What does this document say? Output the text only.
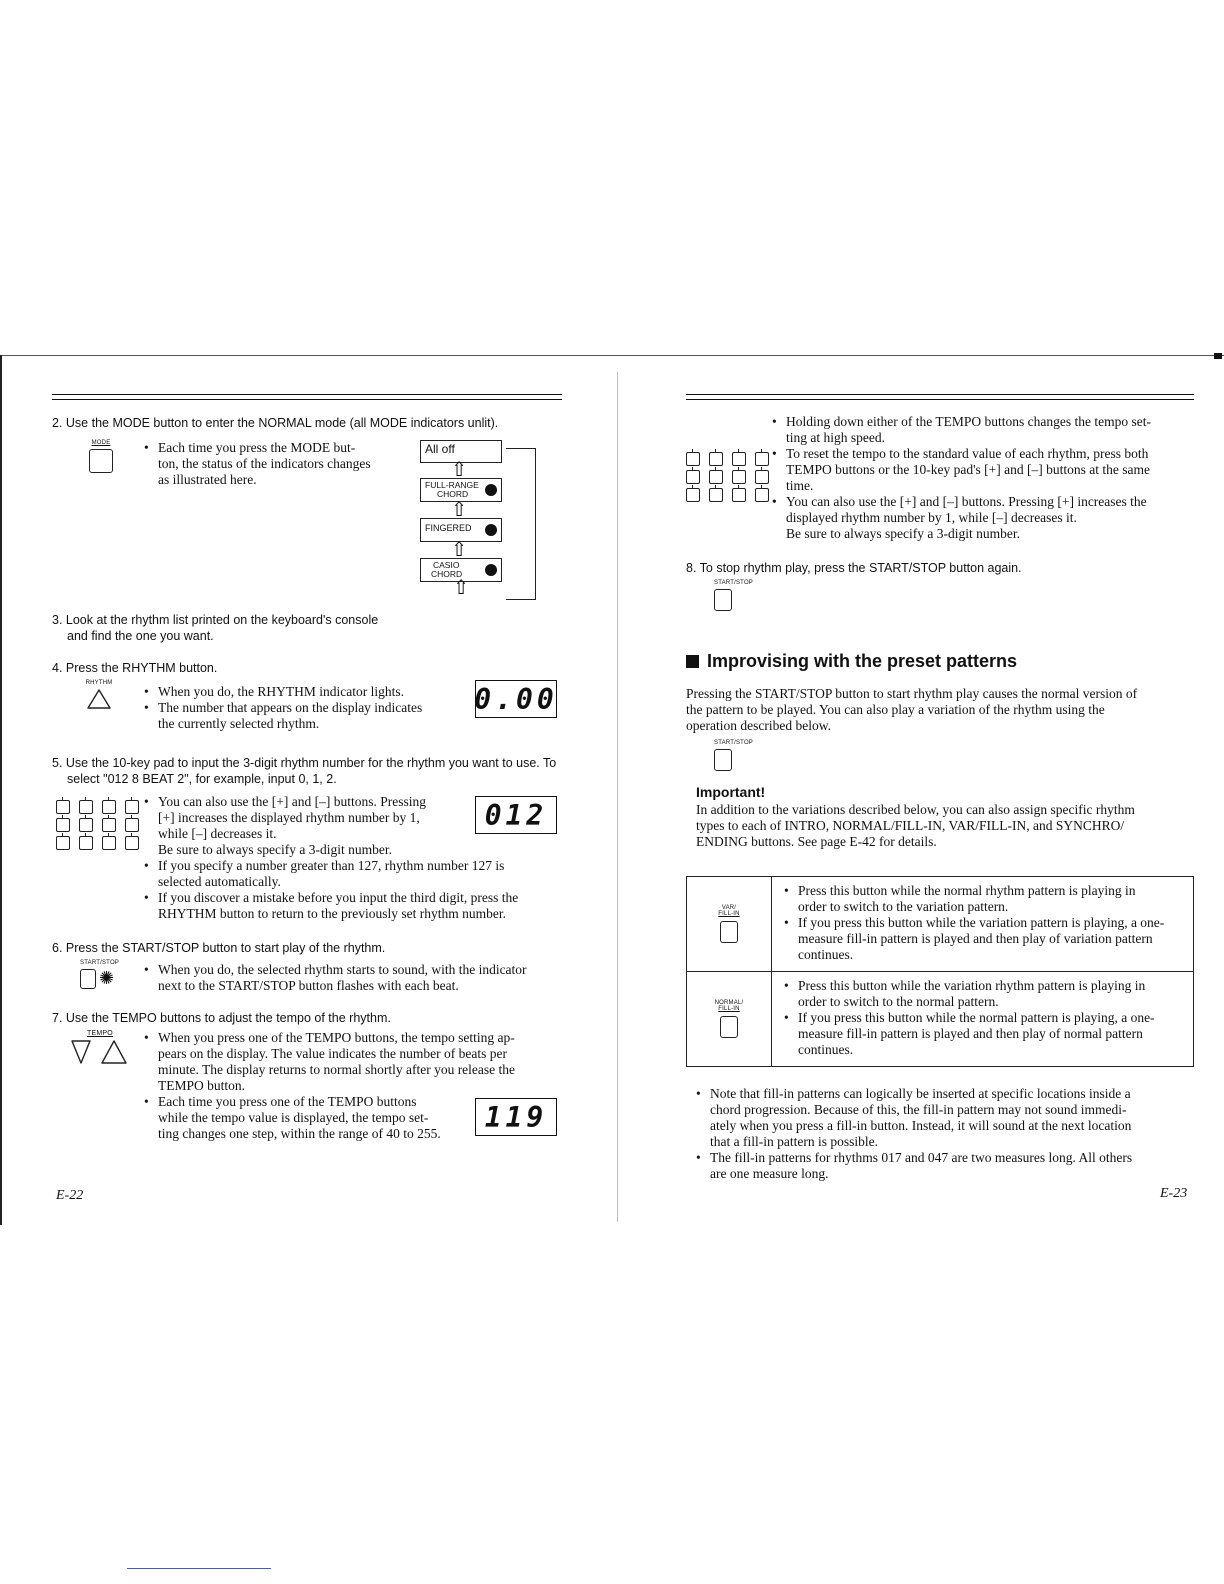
2. Use the MODE button to enter the NORMAL mode (all MODE indicators unlit).
MODE	• Each time you press the MODE but-
ton, the status of the indicators changes
as illustrated here.
All off
⇧
FULL-RANGE
CHORD
⇧
FINGERED
⇧
CASIO
CHORD
⇧
3. Look at the rhythm list printed on the keyboard's console
and find the one you want.
4. Press the RHYTHM button.
RHYTHM
• When you do, the RHYTHM indicator lights.
• The number that appears on the display indicates
the currently selected rhythm.
0.00
5. Use the 10-key pad to input the 3-digit rhythm number for the rhythm you want to use. To
select "012 8 BEAT 2", for example, input 0, 1, 2.
• You can also use the [+] and [–] buttons. Pressing
[+] increases the displayed rhythm number by 1,
while [–] decreases it.
Be sure to always specify a 3-digit number.
• If you specify a number greater than 127, rhythm number 127 is
selected automatically.
• If you discover a mistake before you input the third digit, press the
RHYTHM button to return to the previously set rhythm number.
012
6. Press the START/STOP button to start play of the rhythm.
START/STOP
✺	• When you do, the selected rhythm starts to sound, with the indicator
next to the START/STOP button flashes with each beat.
7. Use the TEMPO buttons to adjust the tempo of the rhythm.
TEMPO	• When you press one of the TEMPO buttons, the tempo setting ap-
pears on the display. The value indicates the number of beats per
minute. The display returns to normal shortly after you release the
TEMPO button.
• Each time you press one of the TEMPO buttons
while the tempo value is displayed, the tempo set-
ting changes one step, within the range of 40 to 255.	119
E-22
• Holding down either of the TEMPO buttons changes the tempo set-
ting at high speed.
• To reset the tempo to the standard value of each rhythm, press both
TEMPO buttons or the 10-key pad's [+] and [–] buttons at the same
time.
• You can also use the [+] and [–] buttons. Pressing [+] increases the
displayed rhythm number by 1, while [–] decreases it.
Be sure to always specify a 3-digit number.
8. To stop rhythm play, press the START/STOP button again.
START/STOP
Improvising with the preset patterns
Pressing the START/STOP button to start rhythm play causes the normal version of
the pattern to be played. You can also play a variation of the rhythm using the
operation described below.
START/STOP
Important!
In addition to the variations described below, you can also assign specific rhythm
types to each of INTRO, NORMAL/FILL-IN, VAR/FILL-IN, and SYNCHRO/
ENDING buttons. See page E-42 for details.
VAR/
FILL-IN
• Press this button while the normal rhythm pattern is playing in
order to switch to the variation pattern.
• If you press this button while the variation pattern is playing, a one-
measure fill-in pattern is played and then play of variation pattern
continues.
NORMAL/
FILL-IN
• Press this button while the variation rhythm pattern is playing in
order to switch to the normal pattern.
• If you press this button while the normal pattern is playing, a one-
measure fill-in pattern is played and then play of normal pattern
continues.
• Note that fill-in patterns can logically be inserted at specific locations inside a
chord progression. Because of this, the fill-in pattern may not sound immedi-
ately when you press a fill-in button. Instead, it will sound at the next location
that a fill-in pattern is possible.
• The fill-in patterns for rhythms 017 and 047 are two measures long. All others
are one measure long.
E-23
